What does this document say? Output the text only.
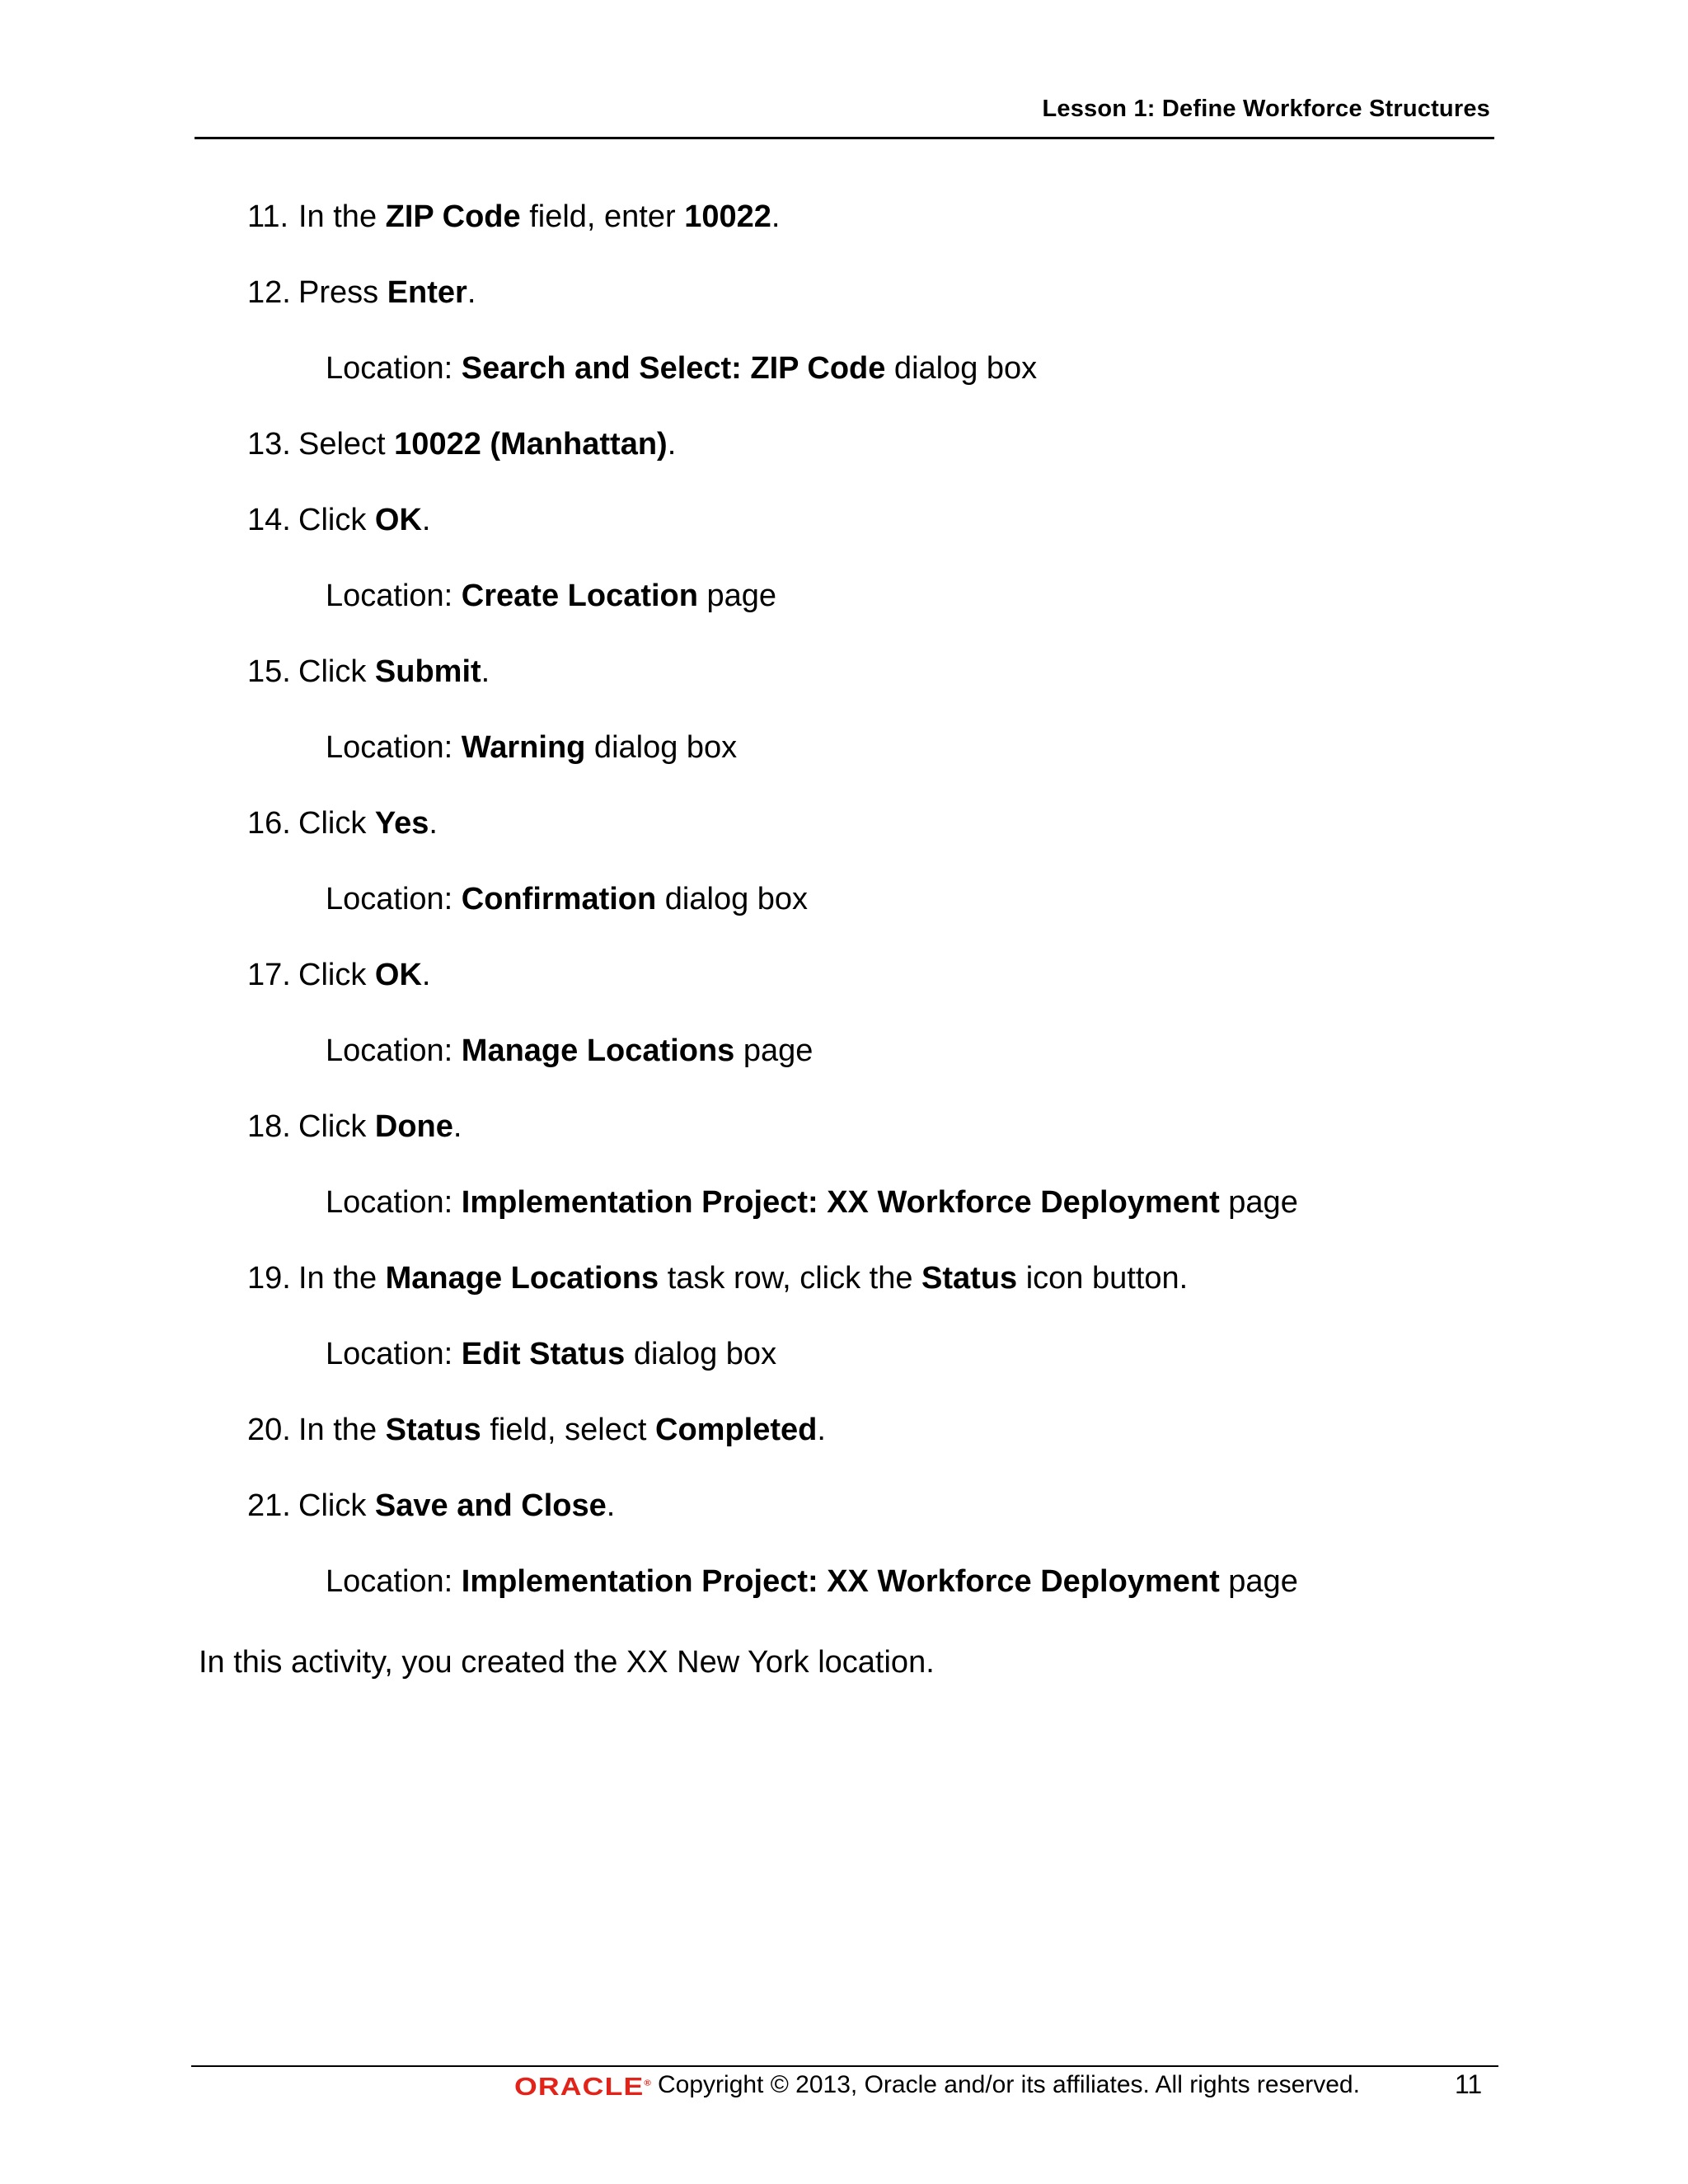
Lesson 1: Define Workforce Structures
11. In the ZIP Code field, enter 10022.
12. Press Enter.
Location: Search and Select: ZIP Code dialog box
13. Select 10022 (Manhattan).
14. Click OK.
Location: Create Location page
15. Click Submit.
Location: Warning dialog box
16. Click Yes.
Location: Confirmation dialog box
17. Click OK.
Location: Manage Locations page
18. Click Done.
Location: Implementation Project: XX Workforce Deployment page
19. In the Manage Locations task row, click the Status icon button.
Location: Edit Status dialog box
20. In the Status field, select Completed.
21. Click Save and Close.
Location: Implementation Project: XX Workforce Deployment page
In this activity, you created the XX New York location.
ORACLE® Copyright © 2013, Oracle and/or its affiliates. All rights reserved.	11
